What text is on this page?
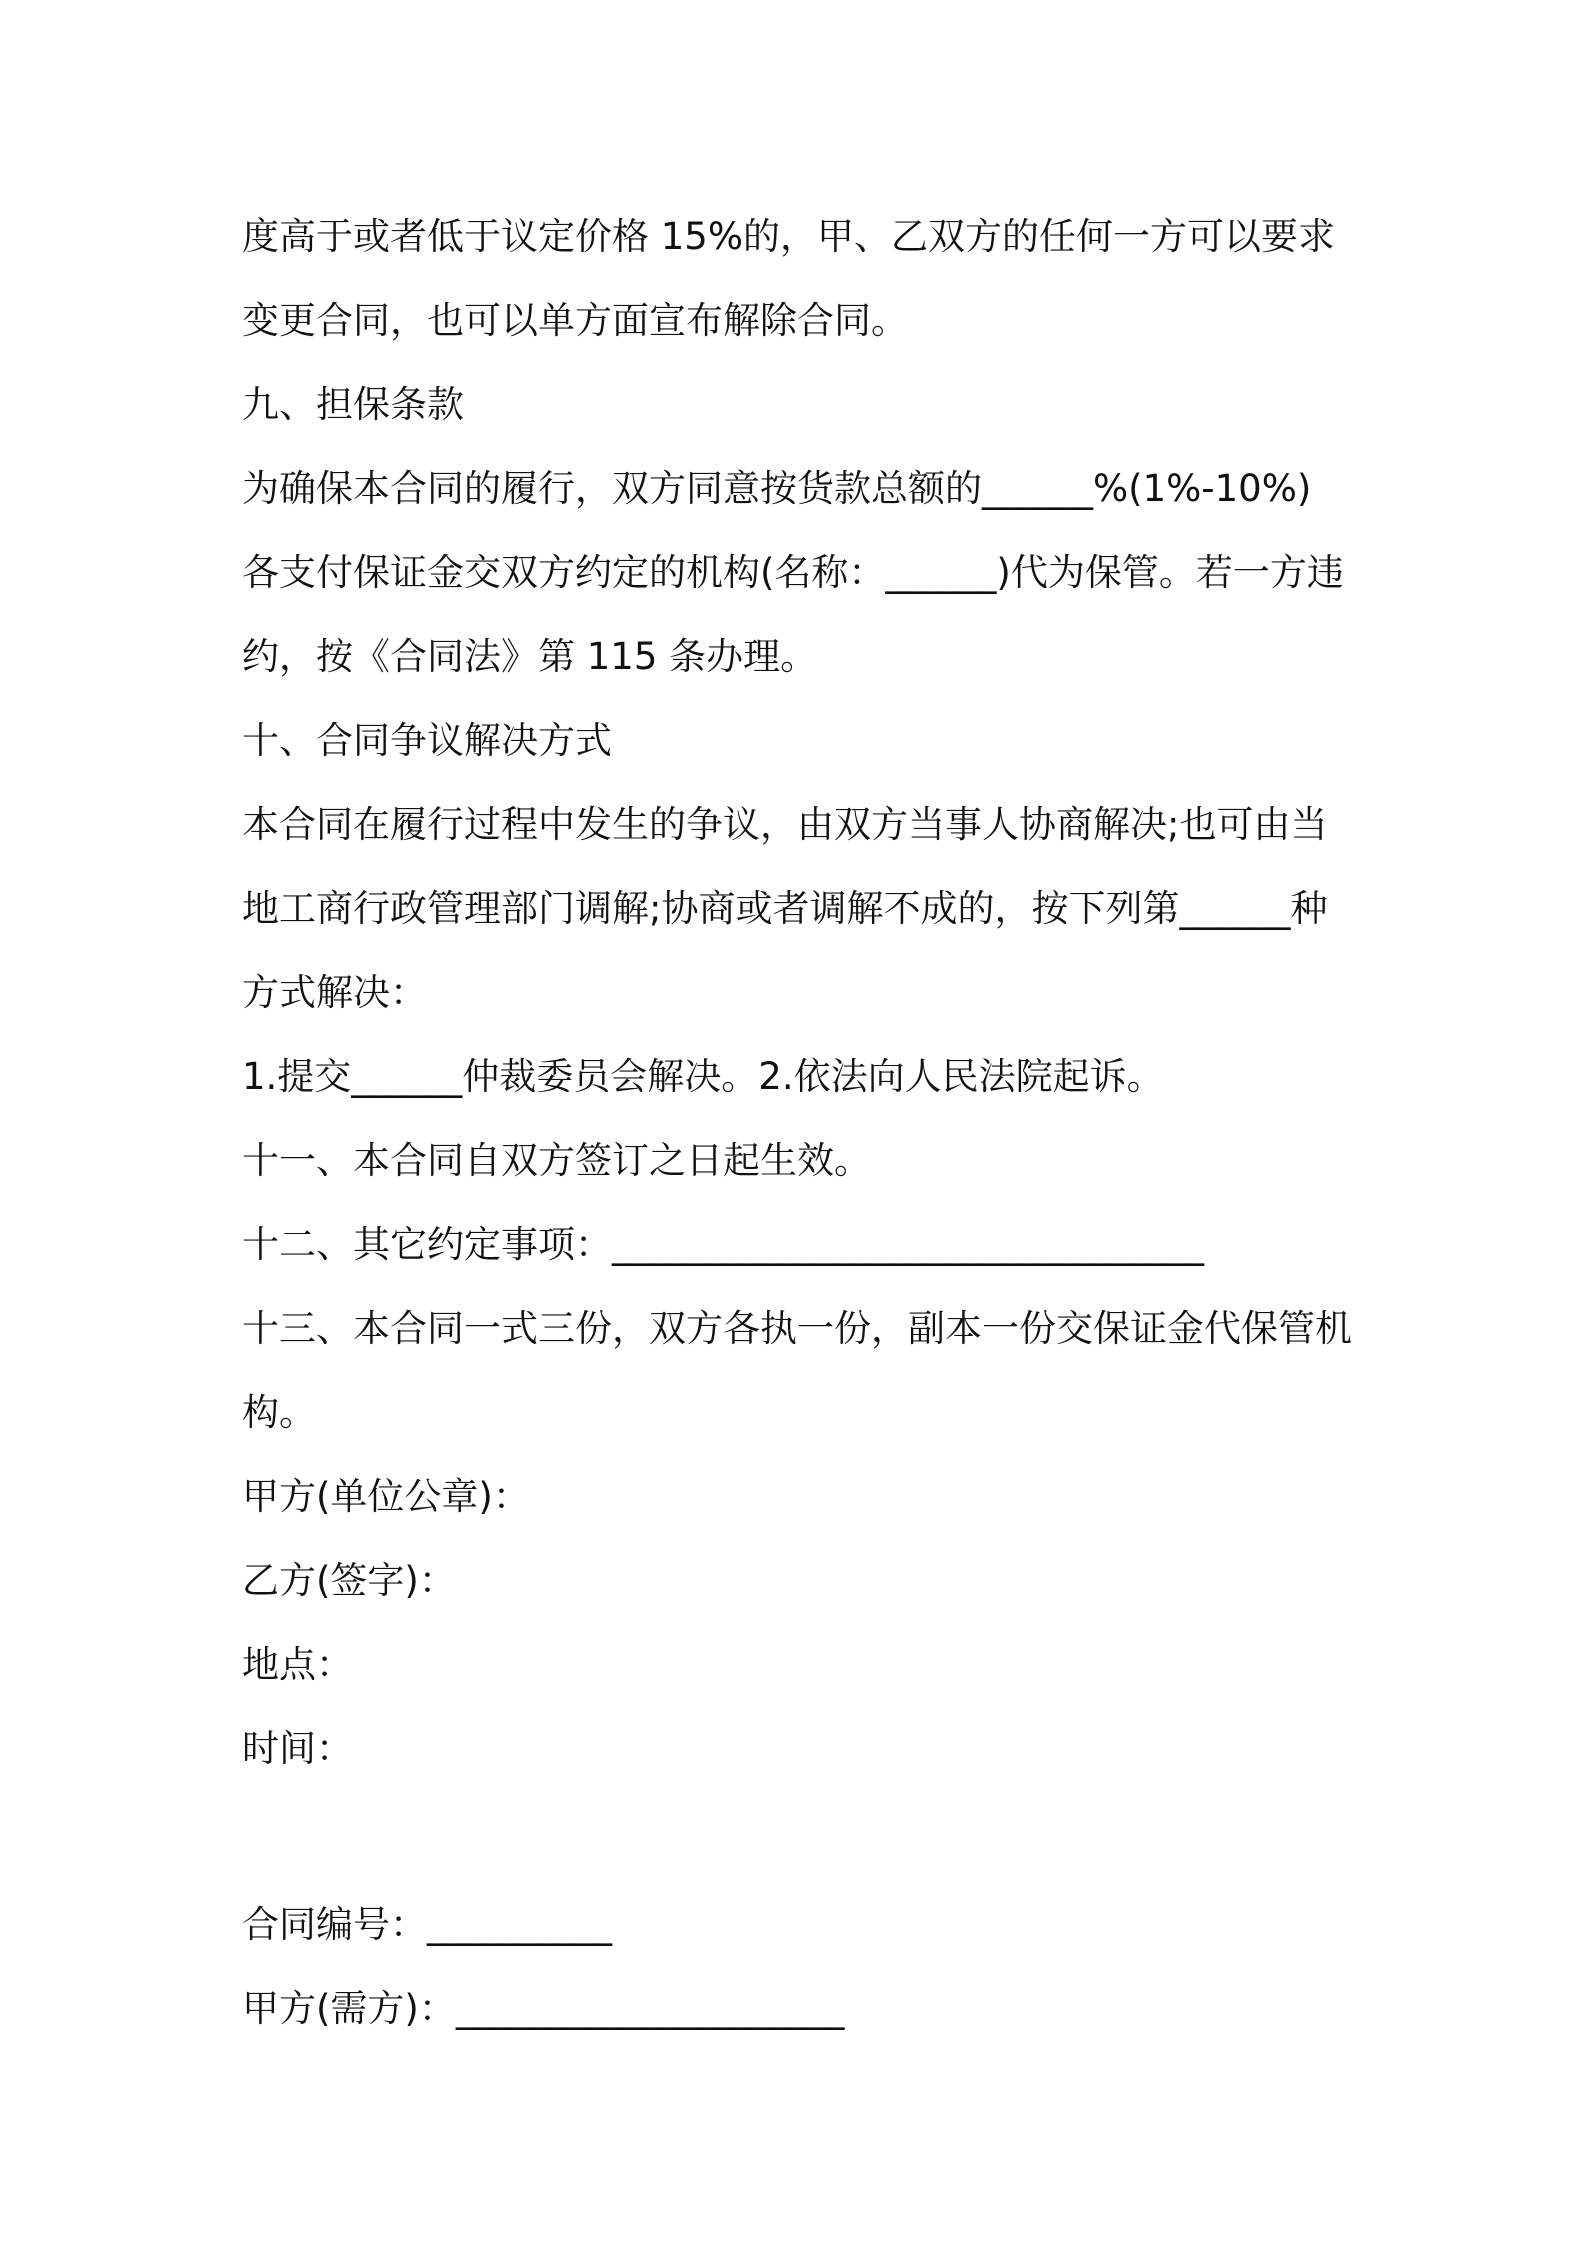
度高于或者低于议定价格 15%的，甲、乙双方的任何一方可以要求
变更合同，也可以单方面宣布解除合同。
九、担保条款
为确保本合同的履行，双方同意按货款总额的______%(1%-10%)
各支付保证金交双方约定的机构(名称：______)代为保管。若一方违
约，按《合同法》第 115 条办理。
十、合同争议解决方式
本合同在履行过程中发生的争议，由双方当事人协商解决;也可由当
地工商行政管理部门调解;协商或者调解不成的，按下列第______种
方式解决：
1.提交______仲裁委员会解决。2.依法向人民法院起诉。
十一、本合同自双方签订之日起生效。
十二、其它约定事项：________________________________
十三、本合同一式三份，双方各执一份，副本一份交保证金代保管机
构。
甲方(单位公章)：
乙方(签字)：
地点：
时间：
合同编号：__________
甲方(需方)：_____________________
